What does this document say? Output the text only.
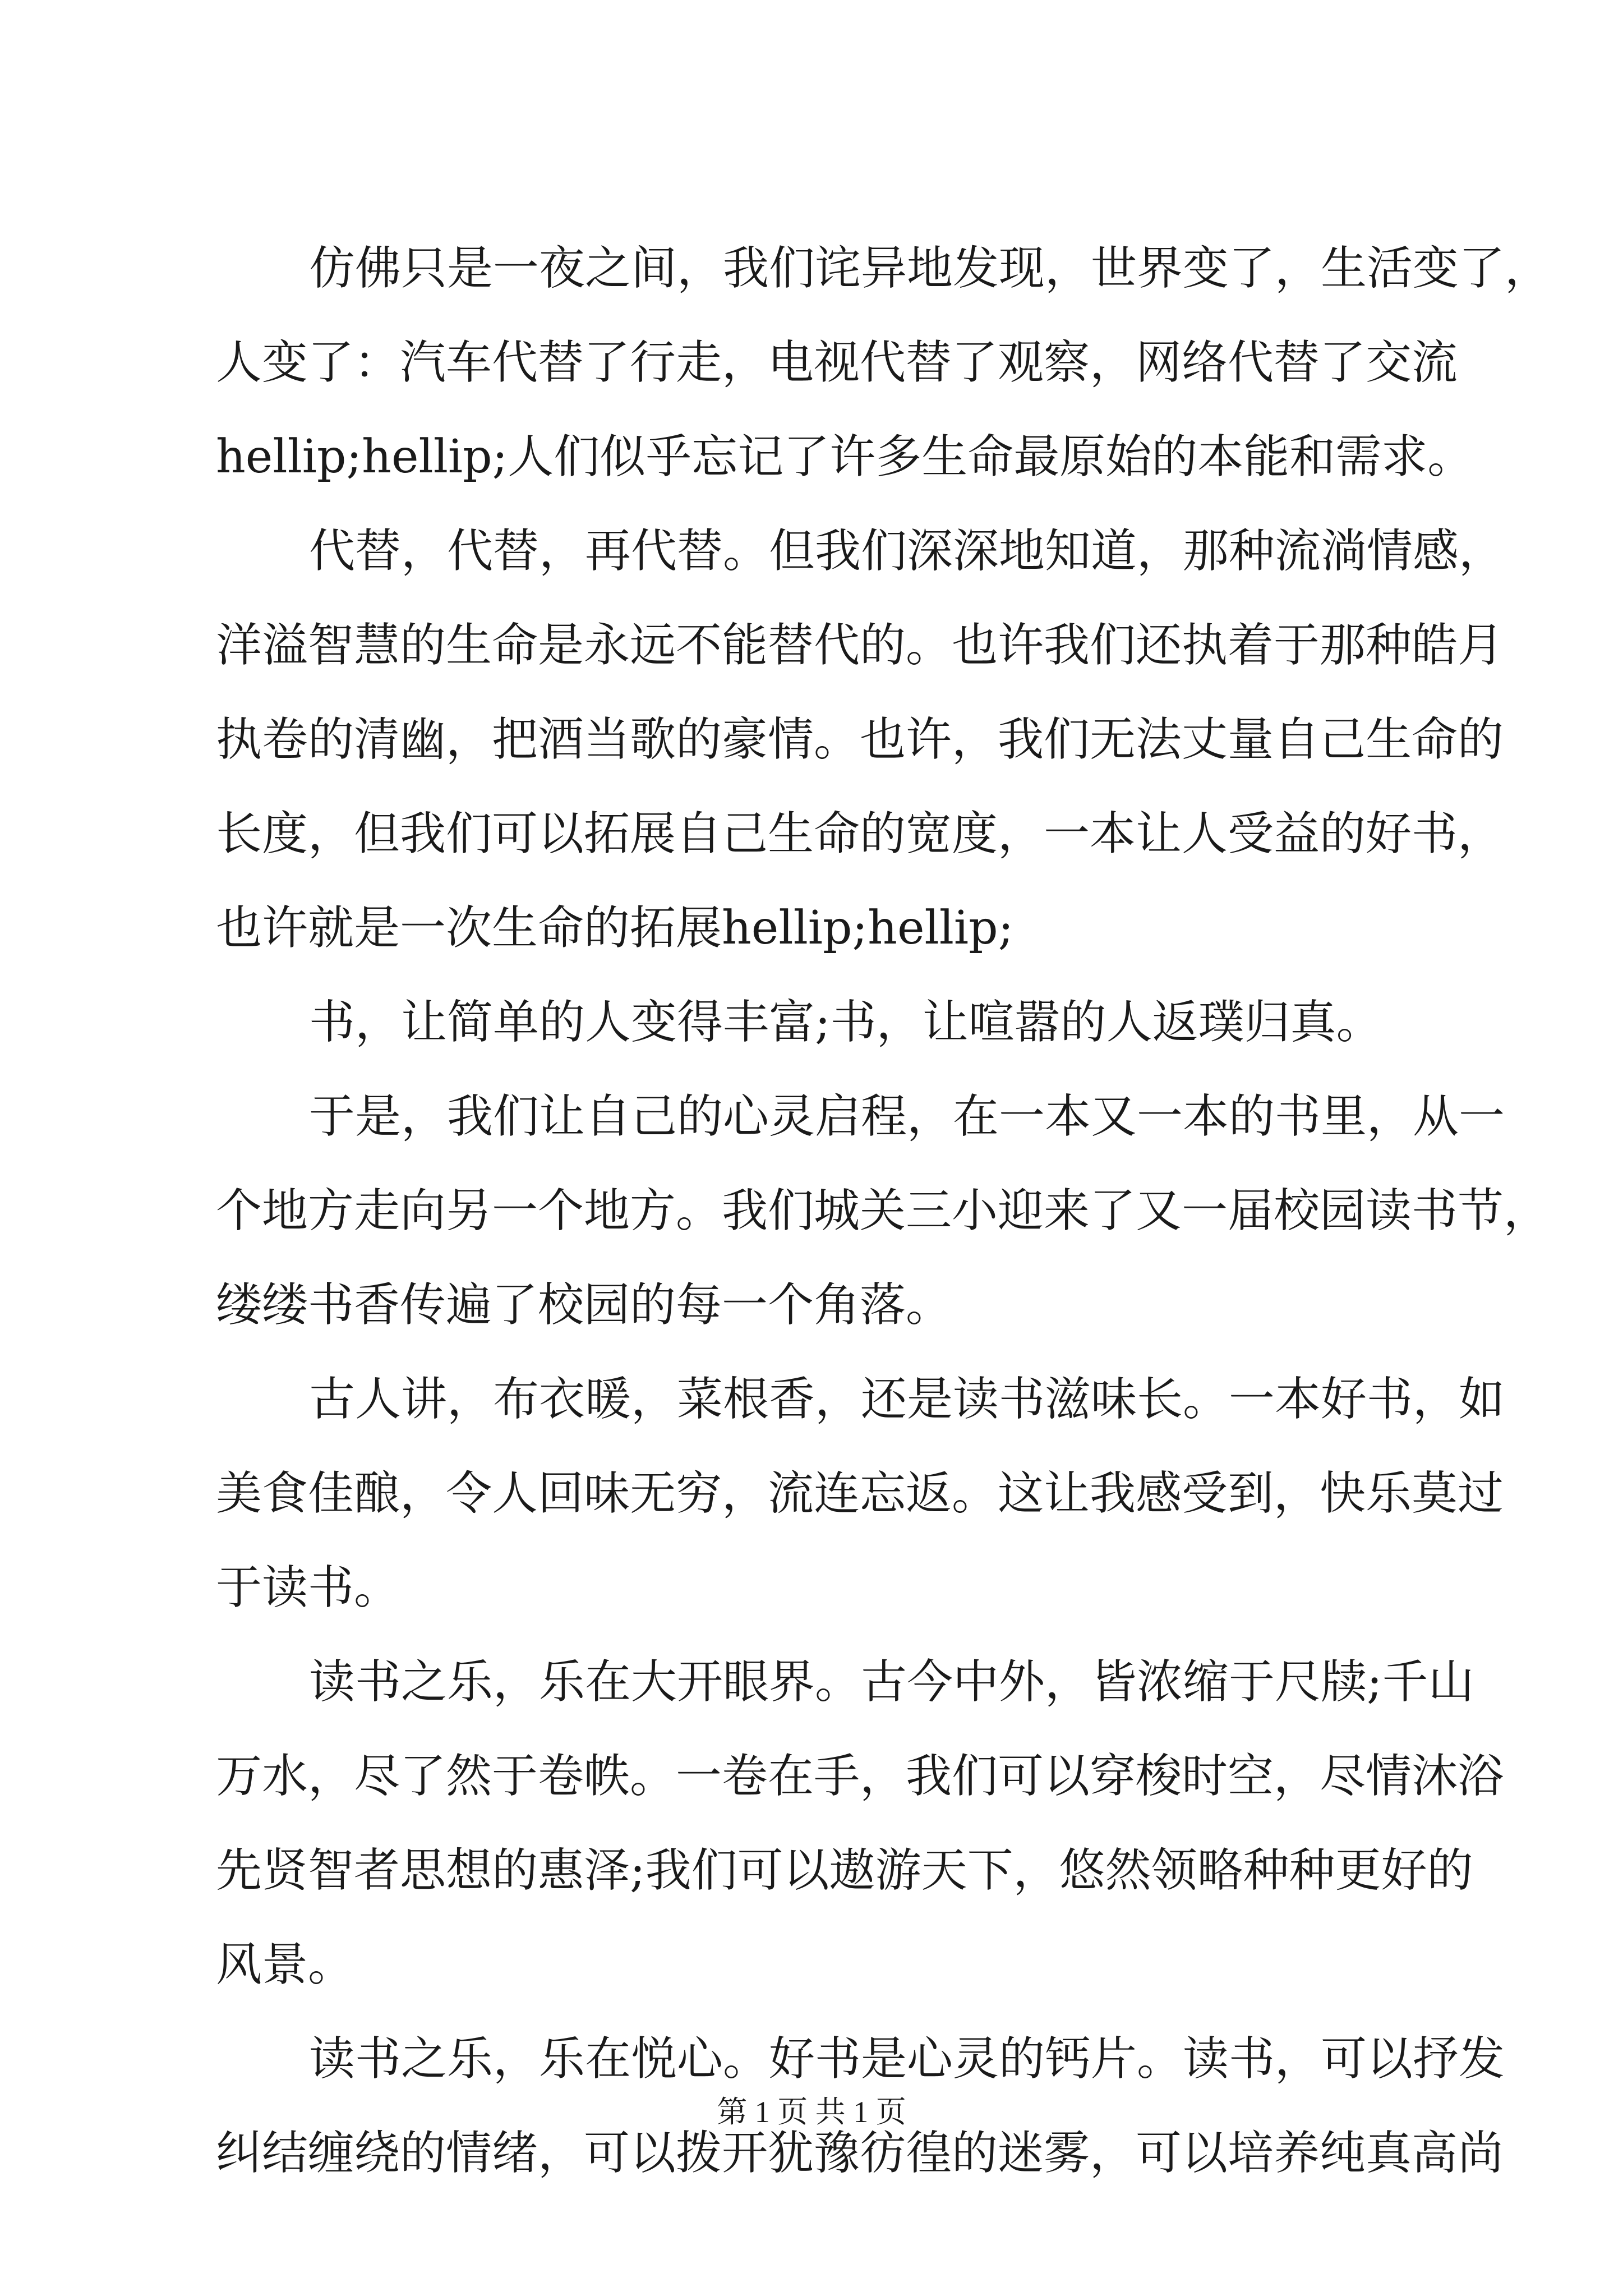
仿佛只是一夜之间，我们诧异地发现，世界变了，生活变了，
人变了：汽车代替了行走，电视代替了观察，网络代替了交流
hellip;hellip;人们似乎忘记了许多生命最原始的本能和需求。
代替，代替，再代替。但我们深深地知道，那种流淌情感，
洋溢智慧的生命是永远不能替代的。也许我们还执着于那种皓月
执卷的清幽，把酒当歌的豪情。也许，我们无法丈量自己生命的
长度，但我们可以拓展自己生命的宽度，一本让人受益的好书，
也许就是一次生命的拓展hellip;hellip;
书，让简单的人变得丰富;书，让喧嚣的人返璞归真。
于是，我们让自己的心灵启程，在一本又一本的书里，从一
个地方走向另一个地方。我们城关三小迎来了又一届校园读书节，
缕缕书香传遍了校园的每一个角落。
古人讲，布衣暖，菜根香，还是读书滋味长。一本好书，如
美食佳酿，令人回味无穷，流连忘返。这让我感受到，快乐莫过
于读书。
读书之乐，乐在大开眼界。古今中外，皆浓缩于尺牍;千山
万水，尽了然于卷帙。一卷在手，我们可以穿梭时空，尽情沐浴
先贤智者思想的惠泽;我们可以遨游天下，悠然领略种种更好的
风景。
读书之乐，乐在悦心。好书是心灵的钙片。读书，可以抒发
纠结缠绕的情绪，可以拨开犹豫彷徨的迷雾，可以培养纯真高尚
第 1 页 共 1 页
